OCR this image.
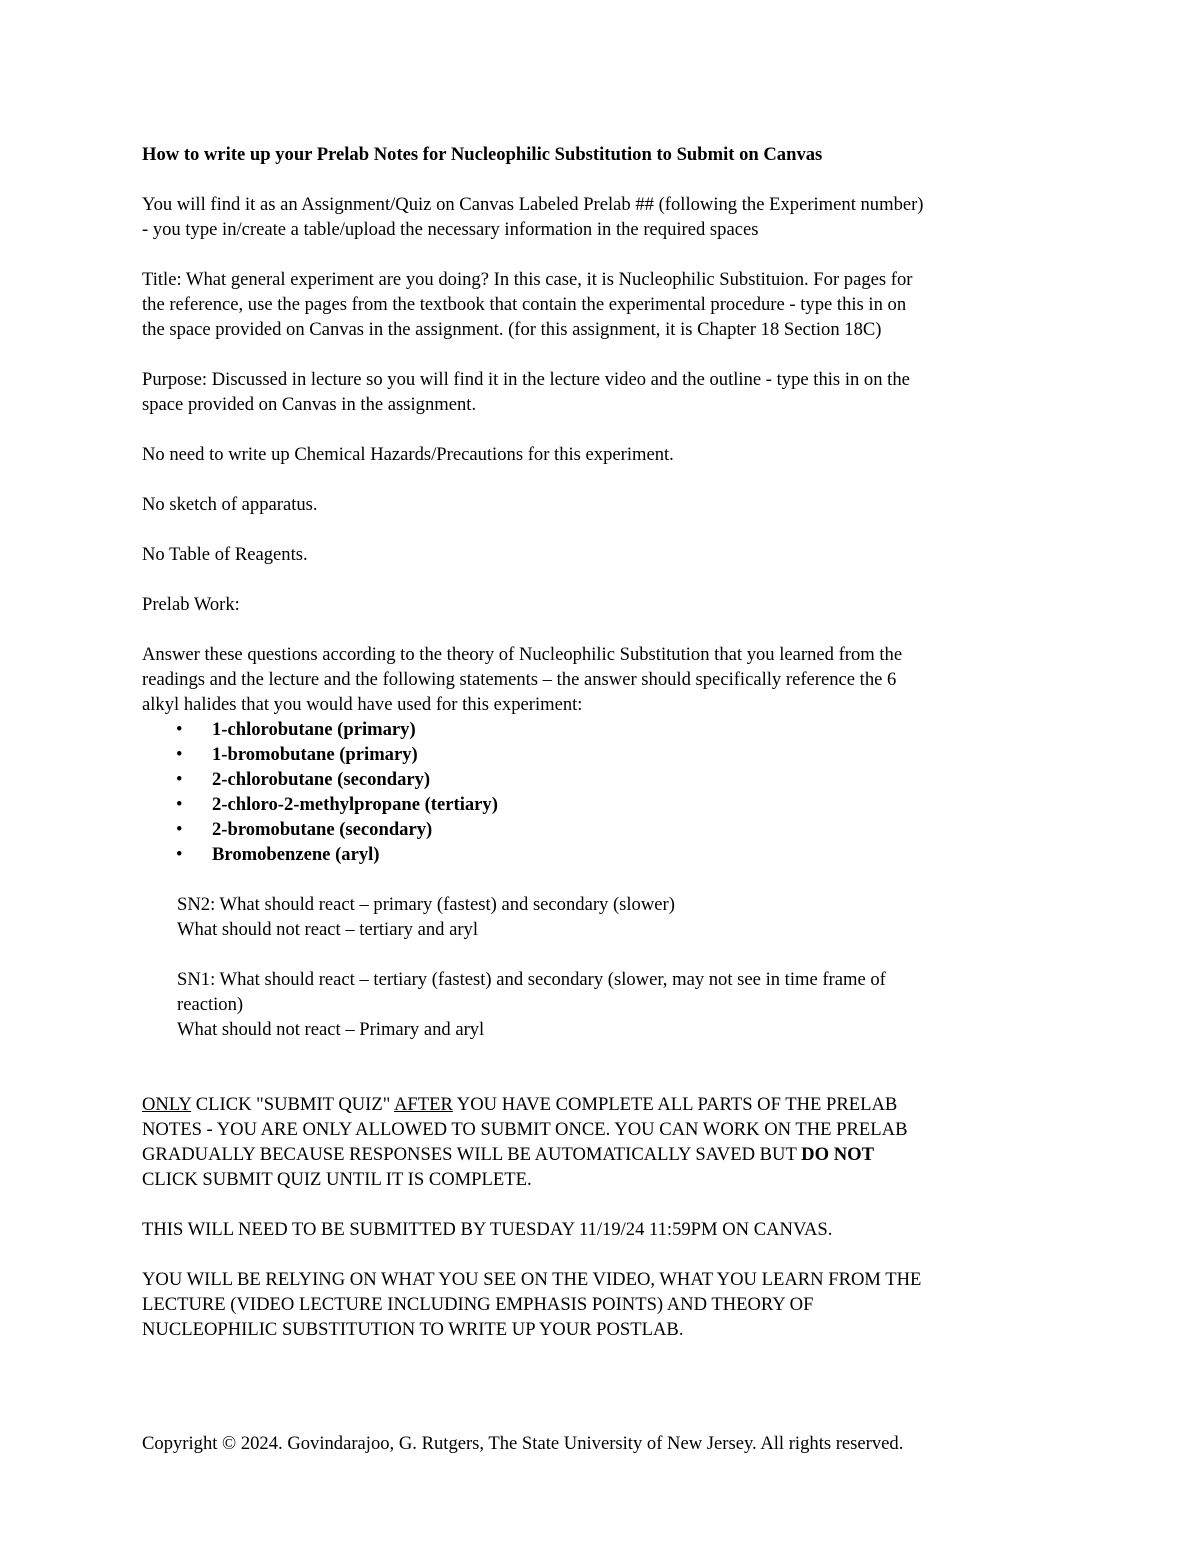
How to write up your Prelab Notes for Nucleophilic Substitution to Submit on Canvas

You will find it as an Assignment/Quiz on Canvas Labeled Prelab ## (following the Experiment number)

- you type in/create a table/upload the necessary information in the required spaces

Title: What general experiment are you doing? In this case, it is Nucleophilic Substituion. For pages for

the reference, use the pages from the textbook that contain the experimental procedure - type this in on

the space provided on Canvas in the assignment. (for this assignment, it is Chapter 18 Section 18C)

Purpose: Discussed in lecture so you will find it in the lecture video and the outline - type this in on the

space provided on Canvas in the assignment.

No need to write up Chemical Hazards/Precautions for this experiment.

No sketch of apparatus.

No Table of Reagents.

Prelab Work:

Answer these questions according to the theory of Nucleophilic Substitution that you learned from the

readings and the lecture and the following statements – the answer should specifically reference the 6

alkyl halides that you would have used for this experiment:

• 1-chlorobutane (primary)
• 1-bromobutane (primary)
• 2-chlorobutane (secondary)
• 2-chloro-2-methylpropane (tertiary)
• 2-bromobutane (secondary)
• Bromobenzene (aryl)

SN2: What should react – primary (fastest) and secondary (slower)

What should not react – tertiary and aryl

SN1: What should react – tertiary (fastest) and secondary (slower, may not see in time frame of

reaction)

What should not react – Primary and aryl

ONLY CLICK "SUBMIT QUIZ" AFTER YOU HAVE COMPLETE ALL PARTS OF THE PRELAB

NOTES - YOU ARE ONLY ALLOWED TO SUBMIT ONCE. YOU CAN WORK ON THE PRELAB

GRADUALLY BECAUSE RESPONSES WILL BE AUTOMATICALLY SAVED BUT DO NOT

CLICK SUBMIT QUIZ UNTIL IT IS COMPLETE.

THIS WILL NEED TO BE SUBMITTED BY TUESDAY 11/19/24 11:59PM ON CANVAS.

YOU WILL BE RELYING ON WHAT YOU SEE ON THE VIDEO, WHAT YOU LEARN FROM THE

LECTURE (VIDEO LECTURE INCLUDING EMPHASIS POINTS) AND THEORY OF

NUCLEOPHILIC SUBSTITUTION TO WRITE UP YOUR POSTLAB.

Copyright © 2024. Govindarajoo, G. Rutgers, The State University of New Jersey. All rights reserved.
